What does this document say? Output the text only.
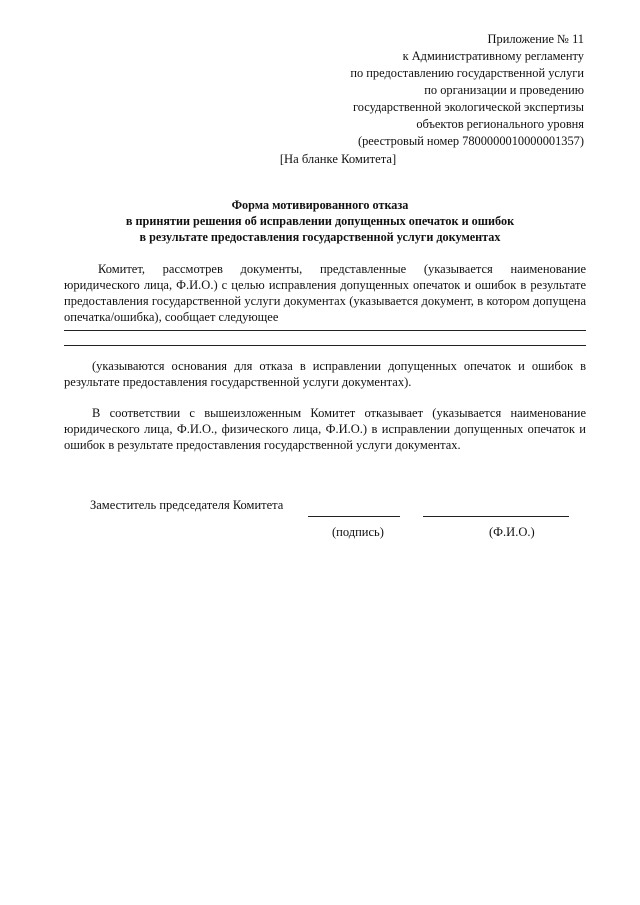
Приложение № 11
к Административному регламенту
по предоставлению государственной услуги
по организации и проведению
государственной экологической экспертизы
объектов регионального уровня
(реестровый номер 7800000010000001357)
[На бланке Комитета]
Форма мотивированного отказа
в принятии решения об исправлении допущенных опечаток и ошибок
в результате предоставления государственной услуги документах
Комитет, рассмотрев документы, представленные (указывается наименование юридического лица, Ф.И.О.) с целью исправления допущенных опечаток и ошибок в результате предоставления государственной услуги документах (указывается документ, в котором допущена опечатка/ошибка), сообщает следующее
(указываются основания для отказа в исправлении допущенных опечаток и ошибок в результате предоставления государственной услуги документах).
В соответствии с вышеизложенным Комитет отказывает (указывается наименование юридического лица, Ф.И.О., физического лица, Ф.И.О.) в исправлении допущенных опечаток и ошибок в результате предоставления государственной услуги документах.
Заместитель председателя Комитета
(подпись)	(Ф.И.О.)
